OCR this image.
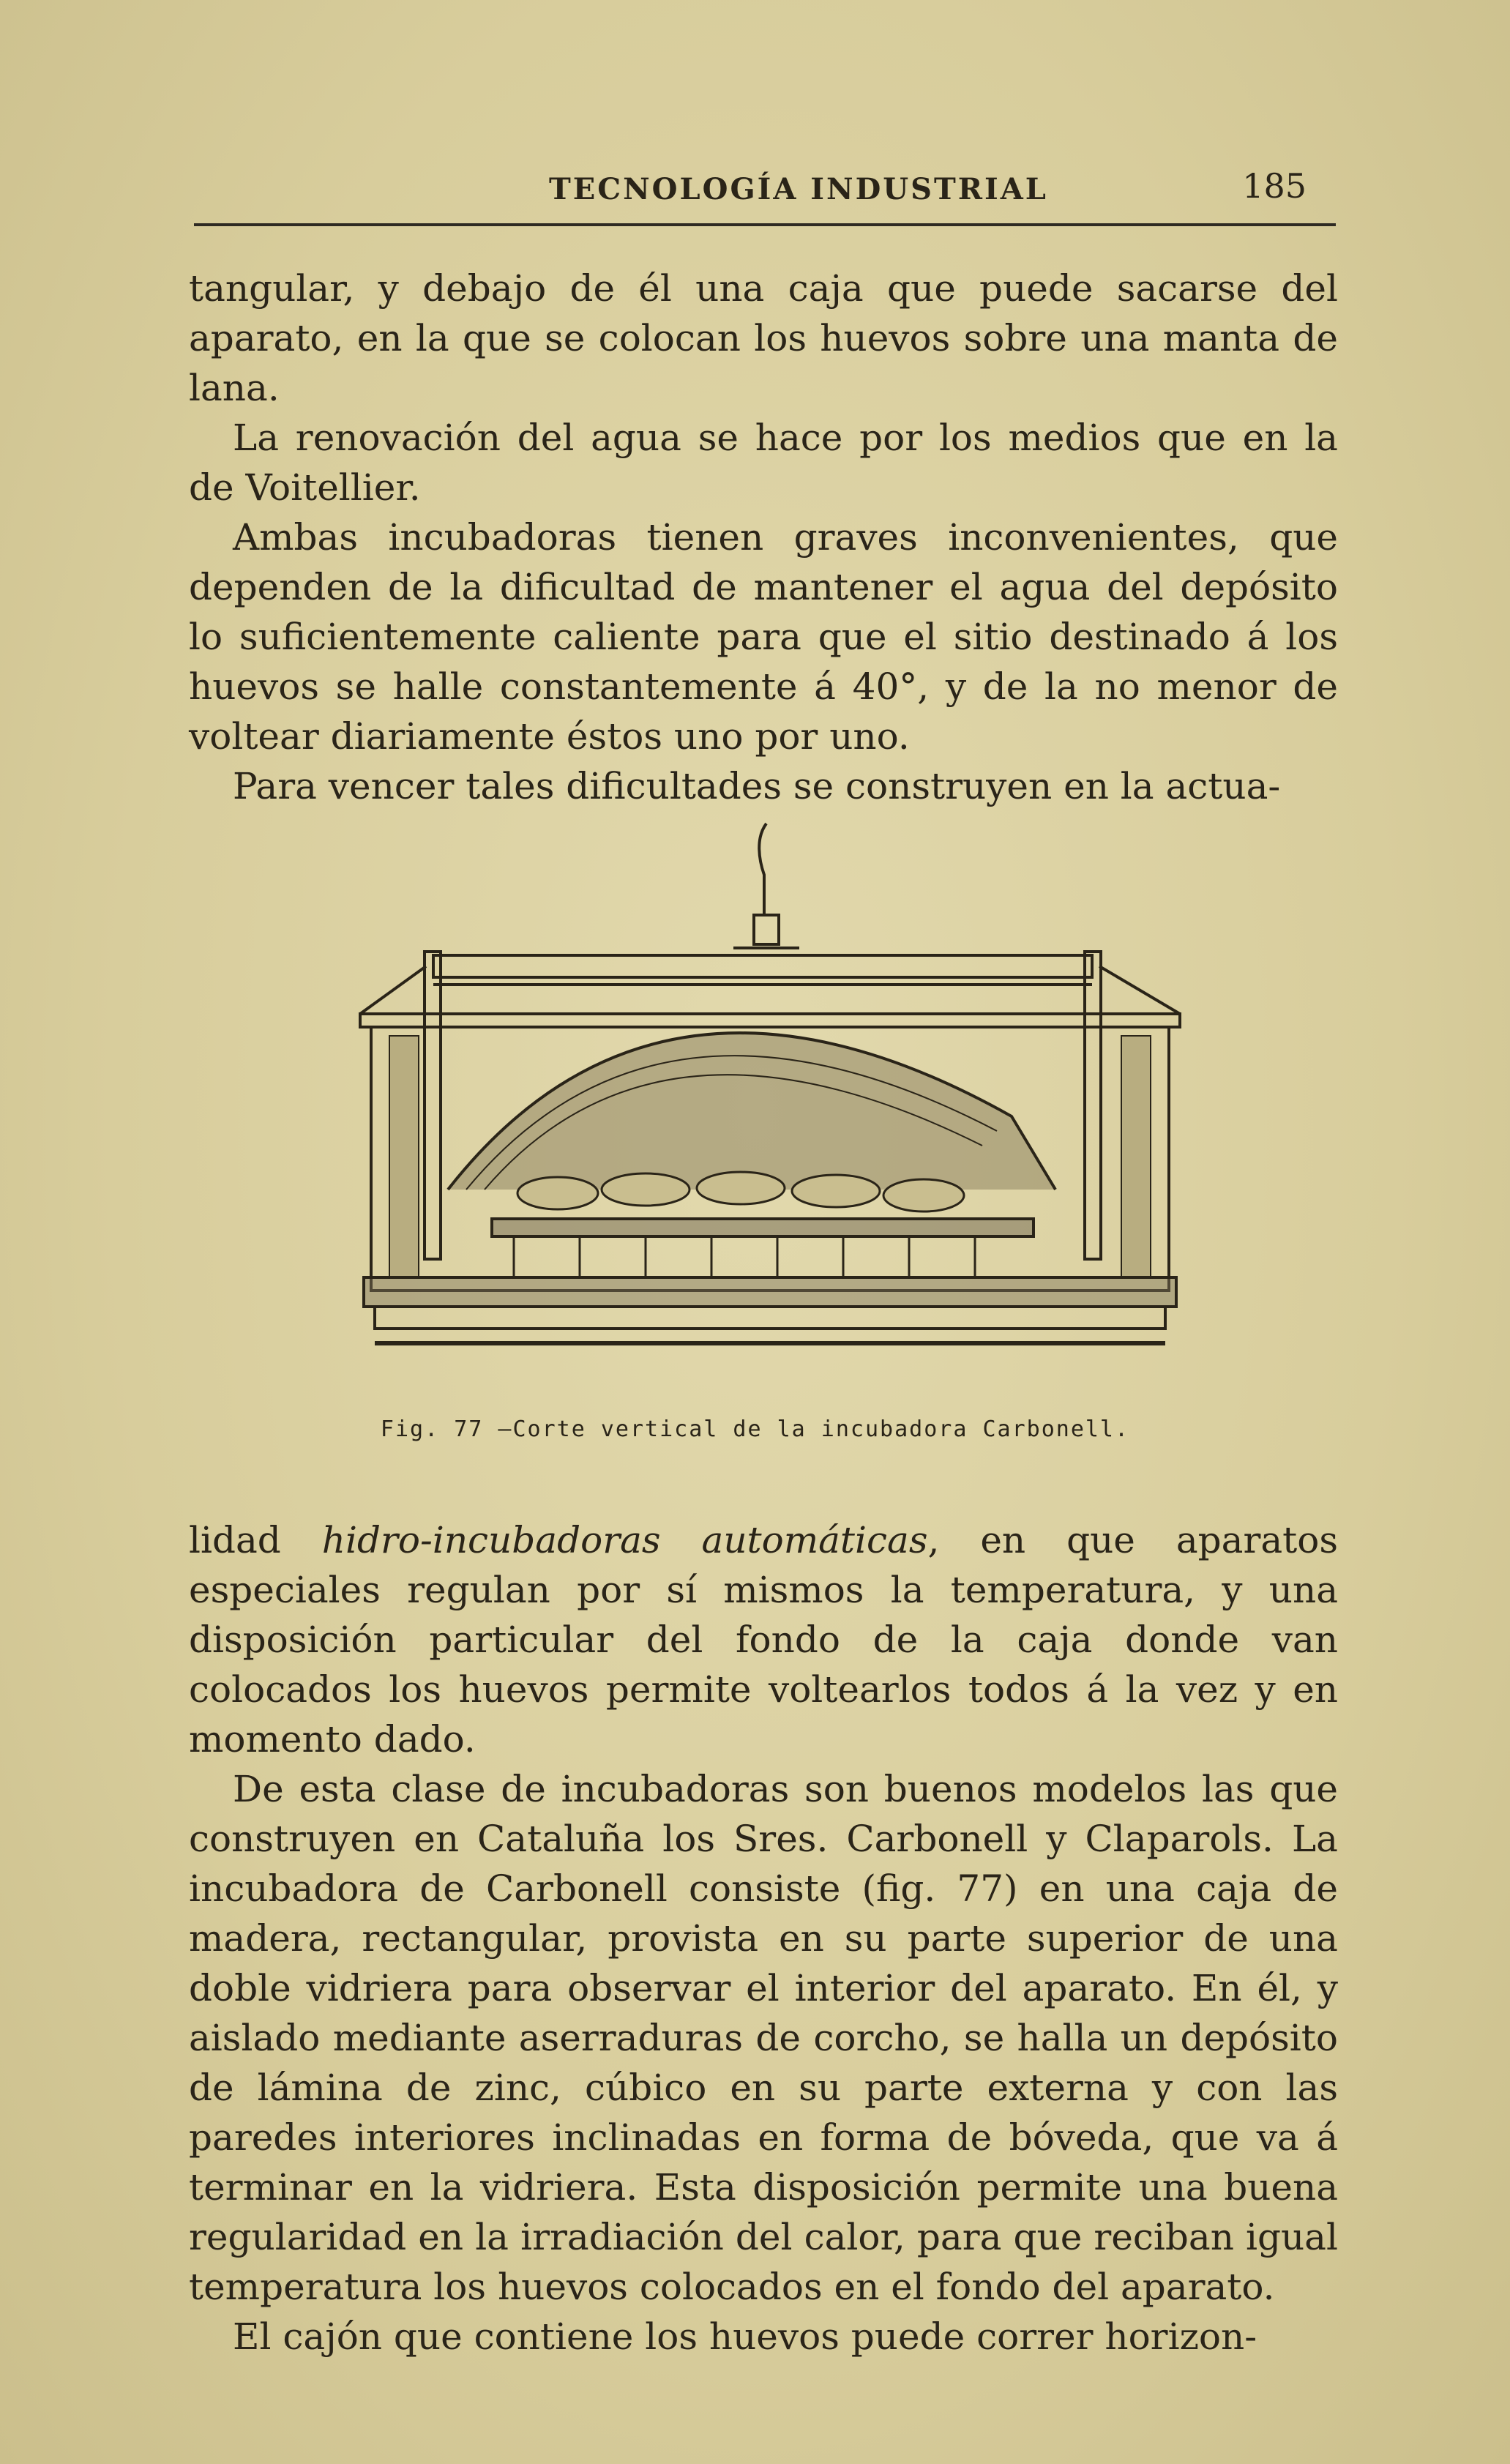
TECNOLOGÍA INDUSTRIAL	185

tangular, y debajo de él una caja que puede sacarse del aparato, en la que se colocan los huevos sobre una manta de lana.

La renovación del agua se hace por los medios que en la de Voitellier.

Ambas incubadoras tienen graves inconvenientes, que dependen de la dificultad de mantener el agua del depósito lo suficientemente caliente para que el sitio destinado á los huevos se halle constantemente á 40°, y de la no menor de voltear diariamente éstos uno por uno.

Para vencer tales dificultades se construyen en la actua-

Fig. 77 —Corte vertical de la incubadora Carbonell.

lidad hidro-incubadoras automáticas, en que aparatos especiales regulan por sí mismos la temperatura, y una disposición particular del fondo de la caja donde van colocados los huevos permite voltearlos todos á la vez y en momento dado.

De esta clase de incubadoras son buenos modelos las que construyen en Cataluña los Sres. Carbonell y Claparols. La incubadora de Carbonell consiste (fig. 77) en una caja de madera, rectangular, provista en su parte superior de una doble vidriera para observar el interior del aparato. En él, y aislado mediante aserraduras de corcho, se halla un depósito de lámina de zinc, cúbico en su parte externa y con las paredes interiores inclinadas en forma de bóveda, que va á terminar en la vidriera. Esta disposición permite una buena regularidad en la irradiación del calor, para que reciban igual temperatura los huevos colocados en el fondo del aparato.

El cajón que contiene los huevos puede correr horizon-
